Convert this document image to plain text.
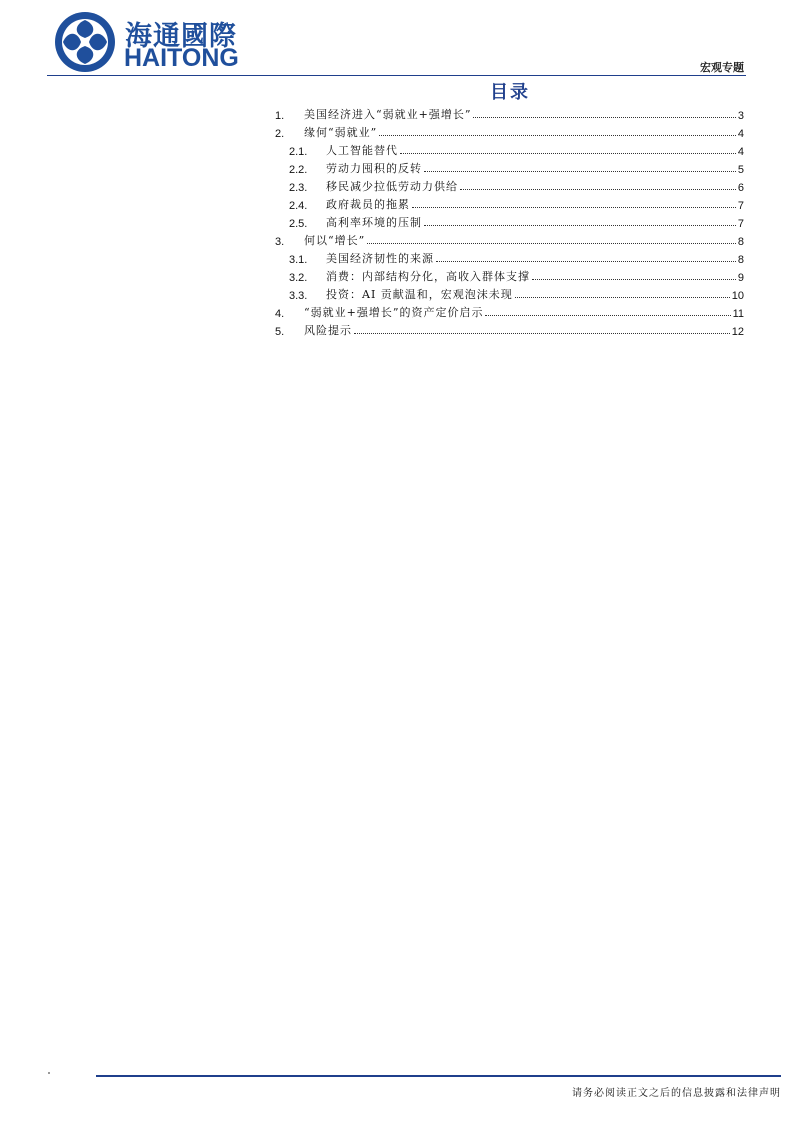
海通國際
HAITONG	宏观专题
目录
1.	美国经济进入“弱就业+强增长”	3
2.	缘何“弱就业”	4
2.1.	人工智能替代	4
2.2.	劳动力囤积的反转	5
2.3.	移民减少拉低劳动力供给	6
2.4.	政府裁员的拖累	7
2.5.	高利率环境的压制	7
3.	何以“增长”	8
3.1.	美国经济韧性的来源	8
3.2.	消费：内部结构分化，高收入群体支撑	9
3.3.	投资：AI 贡献温和，宏观泡沫未现	10
4.	“弱就业+强增长”的资产定价启示	11
5.	风险提示	12
请务必阅读正文之后的信息披露和法律声明
